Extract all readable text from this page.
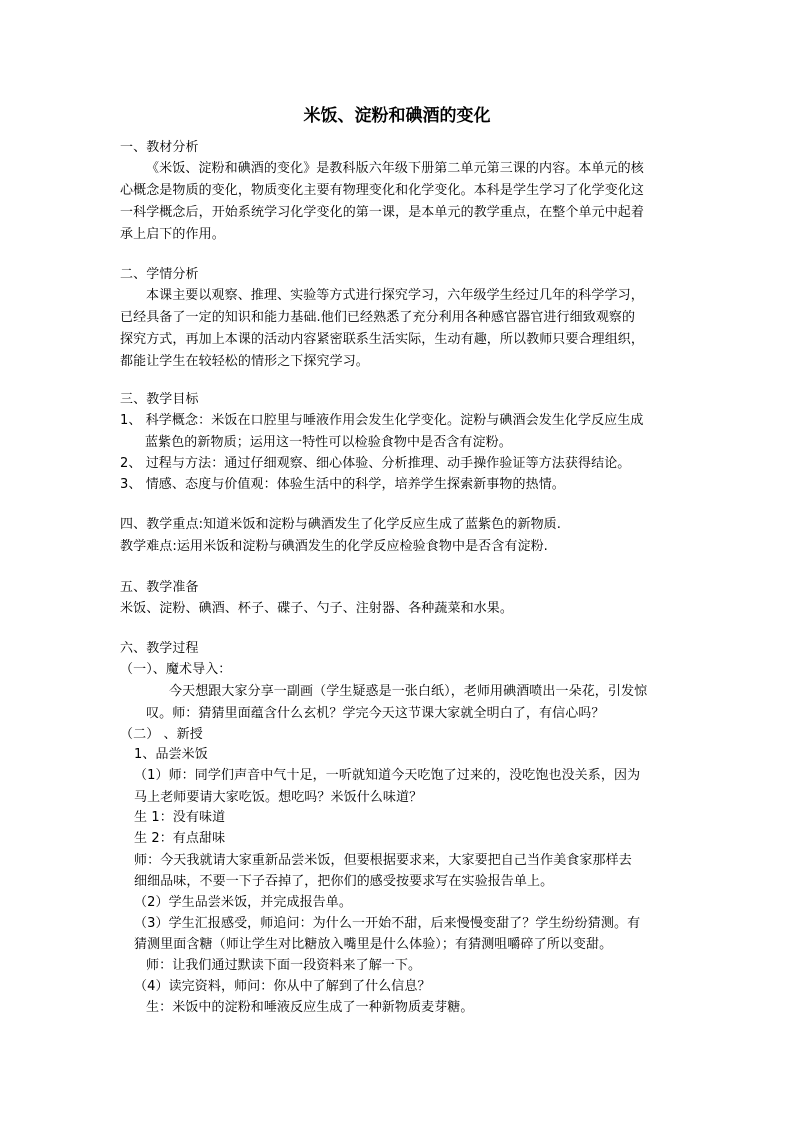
米饭、淀粉和碘酒的变化
一、教材分析
《米饭、淀粉和碘酒的变化》是教科版六年级下册第二单元第三课的内容。本单元的核
心概念是物质的变化，物质变化主要有物理变化和化学变化。本科是学生学习了化学变化这
一科学概念后，开始系统学习化学变化的第一课，是本单元的教学重点，在整个单元中起着
承上启下的作用。
二、学情分析
本课主要以观察、推理、实验等方式进行探究学习，六年级学生经过几年的科学学习，
已经具备了一定的知识和能力基础.他们已经熟悉了充分利用各种感官器官进行细致观察的
探究方式，再加上本课的活动内容紧密联系生活实际，生动有趣，所以教师只要合理组织，
都能让学生在较轻松的情形之下探究学习。
三、教学目标
1、 科学概念：米饭在口腔里与唾液作用会发生化学变化。淀粉与碘酒会发生化学反应生成
蓝紫色的新物质；运用这一特性可以检验食物中是否含有淀粉。
2、 过程与方法：通过仔细观察、细心体验、分析推理、动手操作验证等方法获得结论。
3、 情感、态度与价值观：体验生活中的科学，培养学生探索新事物的热情。
四、教学重点:知道米饭和淀粉与碘酒发生了化学反应生成了蓝紫色的新物质.
教学难点:运用米饭和淀粉与碘酒发生的化学反应检验食物中是否含有淀粉.
五、教学准备
米饭、淀粉、碘酒、杯子、碟子、勺子、注射器、各种蔬菜和水果。
六、教学过程
（一）、魔术导入：
今天想跟大家分享一副画（学生疑惑是一张白纸），老师用碘酒喷出一朵花，引发惊
叹。师：猜猜里面蕴含什么玄机？学完今天这节课大家就全明白了，有信心吗？
（二） 、新授
1、品尝米饭
（1）师：同学们声音中气十足，一听就知道今天吃饱了过来的，没吃饱也没关系，因为
马上老师要请大家吃饭。想吃吗？米饭什么味道？
生 1：没有味道
生 2：有点甜味
师：今天我就请大家重新品尝米饭，但要根据要求来，大家要把自己当作美食家那样去
细细品味，不要一下子吞掉了，把你们的感受按要求写在实验报告单上。
（2）学生品尝米饭，并完成报告单。
（3）学生汇报感受，师追问：为什么一开始不甜，后来慢慢变甜了？学生纷纷猜测。有
猜测里面含糖（师让学生对比糖放入嘴里是什么体验）；有猜测咀嚼碎了所以变甜。
师：让我们通过默读下面一段资料来了解一下。
（4）读完资料，师问：你从中了解到了什么信息？
生：米饭中的淀粉和唾液反应生成了一种新物质麦芽糖。
